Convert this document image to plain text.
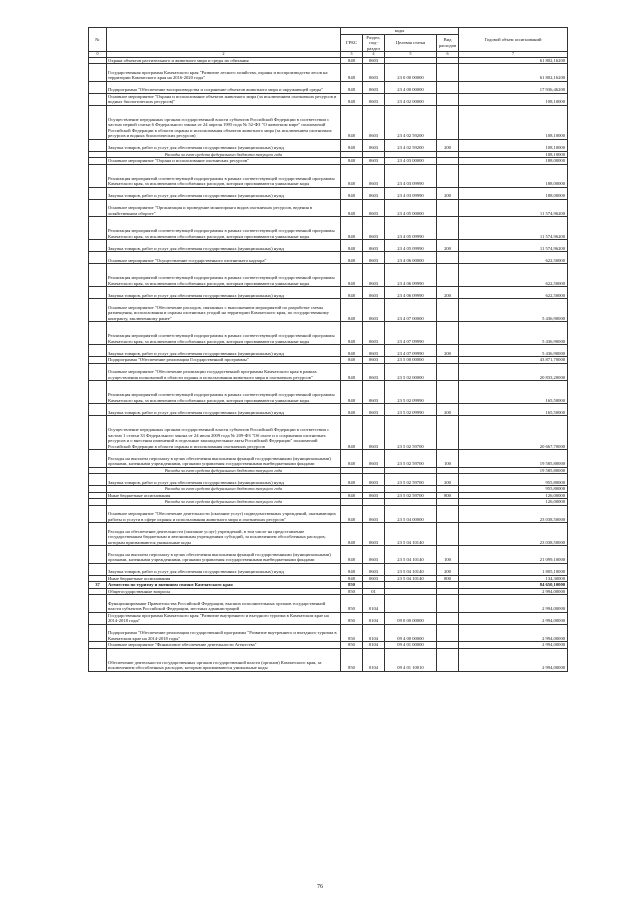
№		коды				Годовой объем ассигнований
		ГРБС	Раздел, под-раздел	Целевая статья	Вид расходов	
0	2	3	4	5	6	7
	Охрана объектов растительного и животного мира и среды их обитания	848	0603			61 802,16200
	Государственная программа Камчатского края "Развитие лесного хозяйства, охраны и воспроизводства лесов на территории Камчатского края на 2016-2020 годы"	848	0603	23 0 00 00000		61 802,16200
	Подпрограмма "Обеспечение воспроизводства и сохранение объектов животного мира и окружающей среды"	848	0603	23 4 00 00000		17 936,46200
	Основное мероприятие "Охрана и использование объектов животного мира (за исключением охотничьих ресурсов и водных биологических ресурсов)"	848	0603	23 4 02 00000		108,10000
	Осуществление переданных органам государственной власти субъектов Российской Федерации в соответствии с частью первой статьи 6 Федерального закона от 24 апреля 1995 года № 52-ФЗ "О животном мире" полномочий Российской Федерации в области охраны и использования объектов животного мира (за исключением охотничьих ресурсов и водных биологических ресурсов)	848	0603	23 4 02 59200		108,10000
	Закупка товаров, работ и услуг для обеспечения государственных (муниципальных) нужд	848	0603	23 4 02 59200	200	108,10000
	Расходы за счет средств федерального бюджета текущего года					108,10000
	Основное мероприятие "Охрана и использование охотничьих ресурсов"	848	0603	23 4 03 00000		188,00000
	Реализация мероприятий соответствующей подпрограммы в рамках соответствующей государственной программы Камчатского края, за исключением обособленных расходов, которым присваиваются уникальные коды	848	0603	23 4 03 09990		188,00000
	Закупка товаров, работ и услуг для обеспечения государственных (муниципальных) нужд	848	0603	23 4 03 09990	200	188,00000
	Основное мероприятие "Организация и проведение мониторинга видов охотничьих ресурсов, ведения в хозяйственном обороте"	848	0603	23 4 05 00000		11 574,96200
	Реализация мероприятий соответствующей подпрограммы в рамках соответствующей государственной программы Камчатского края, за исключением обособленных расходов, которым присваиваются уникальные коды	848	0603	23 4 05 09990		11 574,96200
	Закупка товаров, работ и услуг для обеспечения государственных (муниципальных) нужд	848	0603	23 4 05 09990	200	11 574,96200
	Основное мероприятие "Осуществление государственного охотничьего надзора"	848	0603	23 4 06 00000		622,50000
	Реализация мероприятий соответствующей подпрограммы в рамках соответствующей государственной программы Камчатского края, за исключением обособленных расходов, которым присваиваются уникальные коды	848	0603	23 4 06 09990		622,50000
	Закупка товаров, работ и услуг для обеспечения государственных (муниципальных) нужд	848	0603	23 4 06 09990	200	622,50000
	Основное мероприятие "Обеспечение расходов, связанных с выполнением мероприятий по разработке схемы размещения, использования и охраны охотничьих угодий на территории Камчатского края, по государственному контракту, заключенному ранее"	848	0603	23 4 07 00000		5 436,90000
	Реализация мероприятий соответствующей подпрограммы в рамках соответствующей государственной программы Камчатского края, за исключением обособленных расходов, которым присваиваются уникальные коды	848	0603	23 4 07 09990		5 436,90000
	Закупка товаров, работ и услуг для обеспечения государственных (муниципальных) нужд	848	0603	23 4 07 09990	200	5 436,90000
	Подпрограмма "Обеспечение реализации Государственной программы"	848	0603	23 5 00 00000		43 871,70000
	Основное мероприятие "Обеспечение реализации государственной программы Камчатского края в рамках осуществления полномочий в области охраны и использования животного мира и охотничьих ресурсов"	848	0603	23 5 02 00000		20 833,20000
	Реализация мероприятий соответствующей подпрограммы в рамках соответствующей государственной программы Камчатского края, за исключением обособленных расходов, которым присваиваются уникальные коды	848	0603	23 5 02 09990		165,50000
	Закупка товаров, работ и услуг для обеспечения государственных (муниципальных) нужд	848	0603	23 5 02 09990	200	165,50000
	Осуществление переданных органам государственной власти субъектов Российской Федерации в соответствии с частью 1 статьи 33 Федерального закона от 24 июля 2009 года № 209-ФЗ "Об охоте и о сохранении охотничьих ресурсов и о внесении изменений в отдельные законодательные акты Российской Федерации" полномочий Российской Федерации в области охраны и использования охотничьих ресурсов	848	0603	23 5 02 59700		20 667,70000
	Расходы на выплаты персоналу в целях обеспечения выполнения функций государственными (муниципальными) органами, казенными учреждениями, органами управления государственными внебюджетными фондами	848	0603	23 5 02 59700	100	19 585,80000
	Расходы за счет средств федерального бюджета текущего года					19 585,80000
	Закупка товаров, работ и услуг для обеспечения государственных (муниципальных) нужд	848	0603	23 5 02 59700	200	955,80000
	Расходы за счет средств федерального бюджета текущего года					955,80000
	Иные бюджетные ассигнования	848	0603	23 5 02 59700	800	126,00000
	Расходы за счет средств федерального бюджета текущего года					126,00000
	Основное мероприятие "Обеспечение деятельности (оказание услуг) подведомственных учреждений, оказывающих работы и услуги в сфере охраны и использования животного мира и охотничьих ресурсов"	848	0603	23 5 04 00000		23 038,50000
	Расходы на обеспечение деятельности (оказание услуг) учреждений, в том числе на предоставление государственным бюджетным и автономным учреждениям субсидий, за исключением обособленных расходов, которым присваиваются уникальные коды	848	0603	23 5 04 10140		23 038,50000
	Расходы на выплаты персоналу в целях обеспечения выполнения функций государственными (муниципальными) органами, казенными учреждениями, органами управления государственными внебюджетными фондами	848	0603	23 5 04 10140	100	21 099,10000
	Закупка товаров, работ и услуг для обеспечения государственных (муниципальных) нужд	848	0603	23 5 04 10140	200	1 805,10000
	Иные бюджетные ассигнования	848	0603	23 5 04 10140	800	134,30000
37	Агентство по туризму и внешним связям Камчатского края	850				84 650,10000
	Общегосударственные вопросы	850	01			2 994,00000
	Функционирование Правительства Российской Федерации, высших исполнительных органов государственной власти субъектов Российской Федерации, местных администраций	850	0104			2 994,00000
	Государственная программа Камчатского края "Развитие внутреннего и въездного туризма в Камчатском крае на 2014-2018 годы"	850	0104	09 0 00 00000		2 994,00000
	Подпрограмма "Обеспечение реализации государственной программы "Развитие внутреннего и въездного туризма в Камчатском крае на 2014-2018 годы"	850	0104	09 4 00 00000		2 994,00000
	Основное мероприятие "Финансовое обеспечение деятельности Агентства"	850	0104	09 4 01 00000		2 994,00000
	Обеспечение деятельности государственных органов государственной власти (органов) Камчатского края, за исключением обособленных расходов, которым присваиваются уникальные коды	850	0104	09 4 01 10010		2 994,00000
76
